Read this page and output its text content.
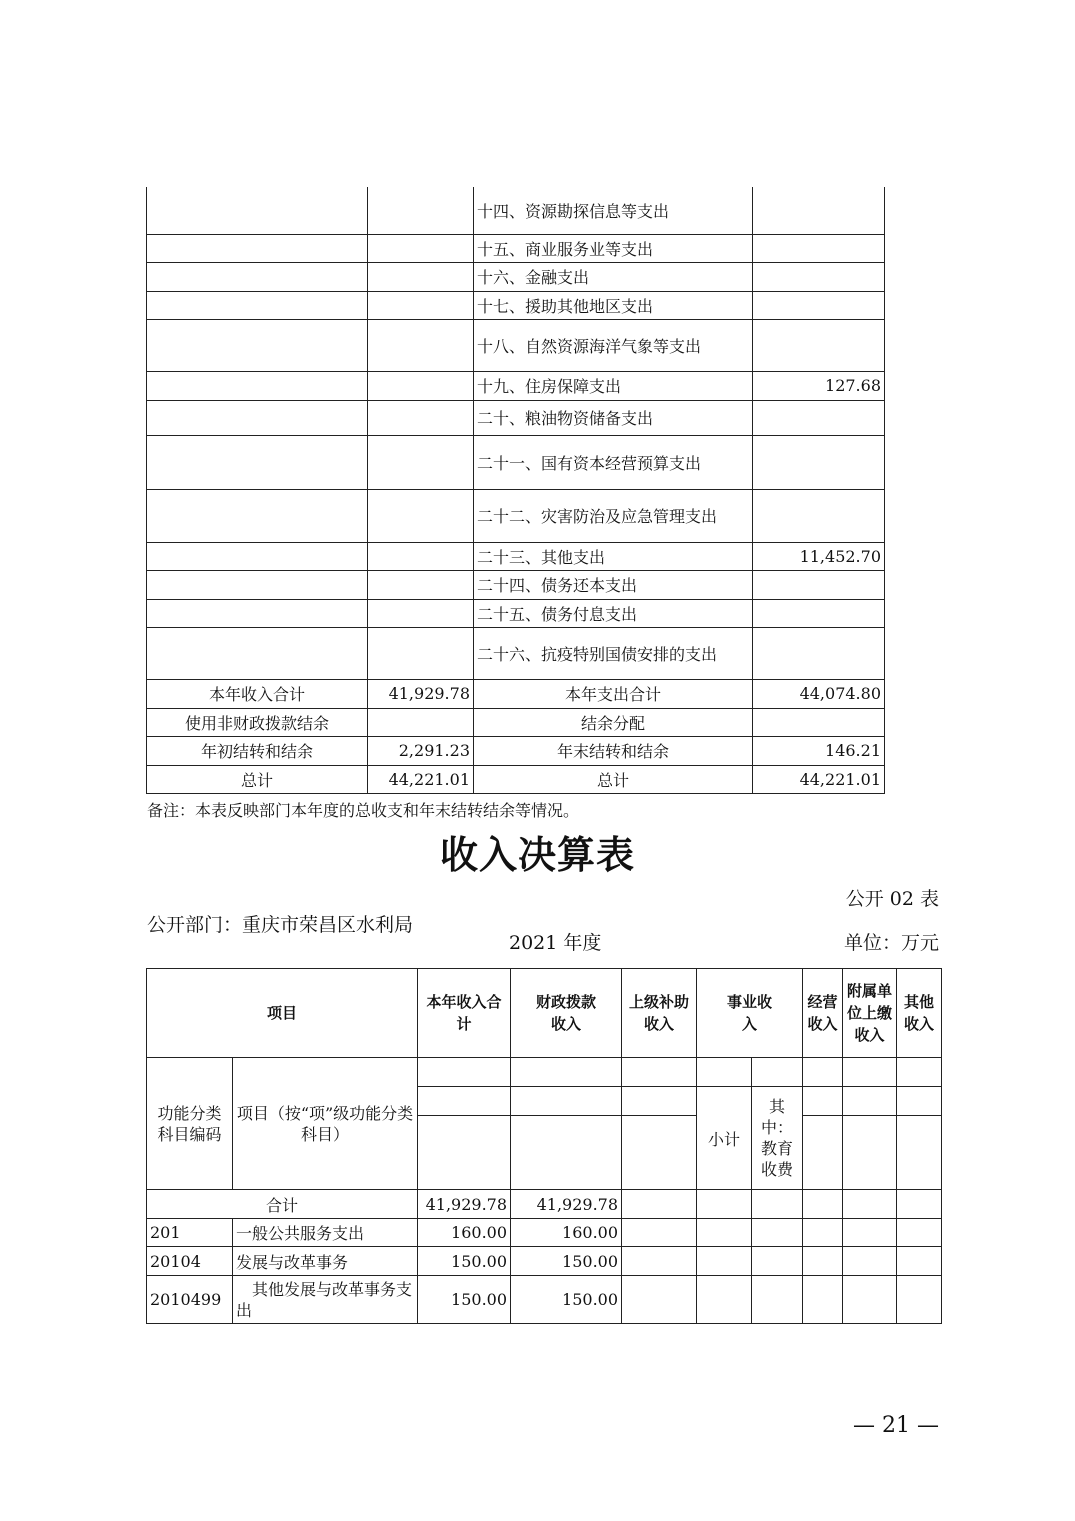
		十四、资源勘探信息等支出	
		十五、商业服务业等支出	
		十六、金融支出	
		十七、援助其他地区支出	
		十八、自然资源海洋气象等支出	
		十九、住房保障支出	127.68
		二十、粮油物资储备支出	
		二十一、国有资本经营预算支出	
		二十二、灾害防治及应急管理支出	
		二十三、其他支出	11,452.70
		二十四、债务还本支出	
		二十五、债务付息支出	
		二十六、抗疫特别国债安排的支出	
本年收入合计	41,929.78	本年支出合计	44,074.80
使用非财政拨款结余		结余分配	
年初结转和结余	2,291.23	年末结转和结余	146.21
总计	44,221.01	总计	44,221.01
备注：本表反映部门本年度的总收支和年末结转结余等情况。
收入决算表
公开 02 表
公开部门：重庆市荣昌区水利局
2021 年度	单位：万元
项目		本年收入合计	财政拨款收入	上级补助收入	事业收入		经营收入	附属单位上缴收入	其他收入
功能分类科目编码	项目（按“项”级功能分类科目）								
					小计	其中：教育收费			

合计		41,929.78	41,929.78						
201	一般公共服务支出	160.00	160.00						
20104	发展与改革事务	150.00	150.00						
2010499	其他发展与改革事务支出	150.00	150.00						
— 21 —
